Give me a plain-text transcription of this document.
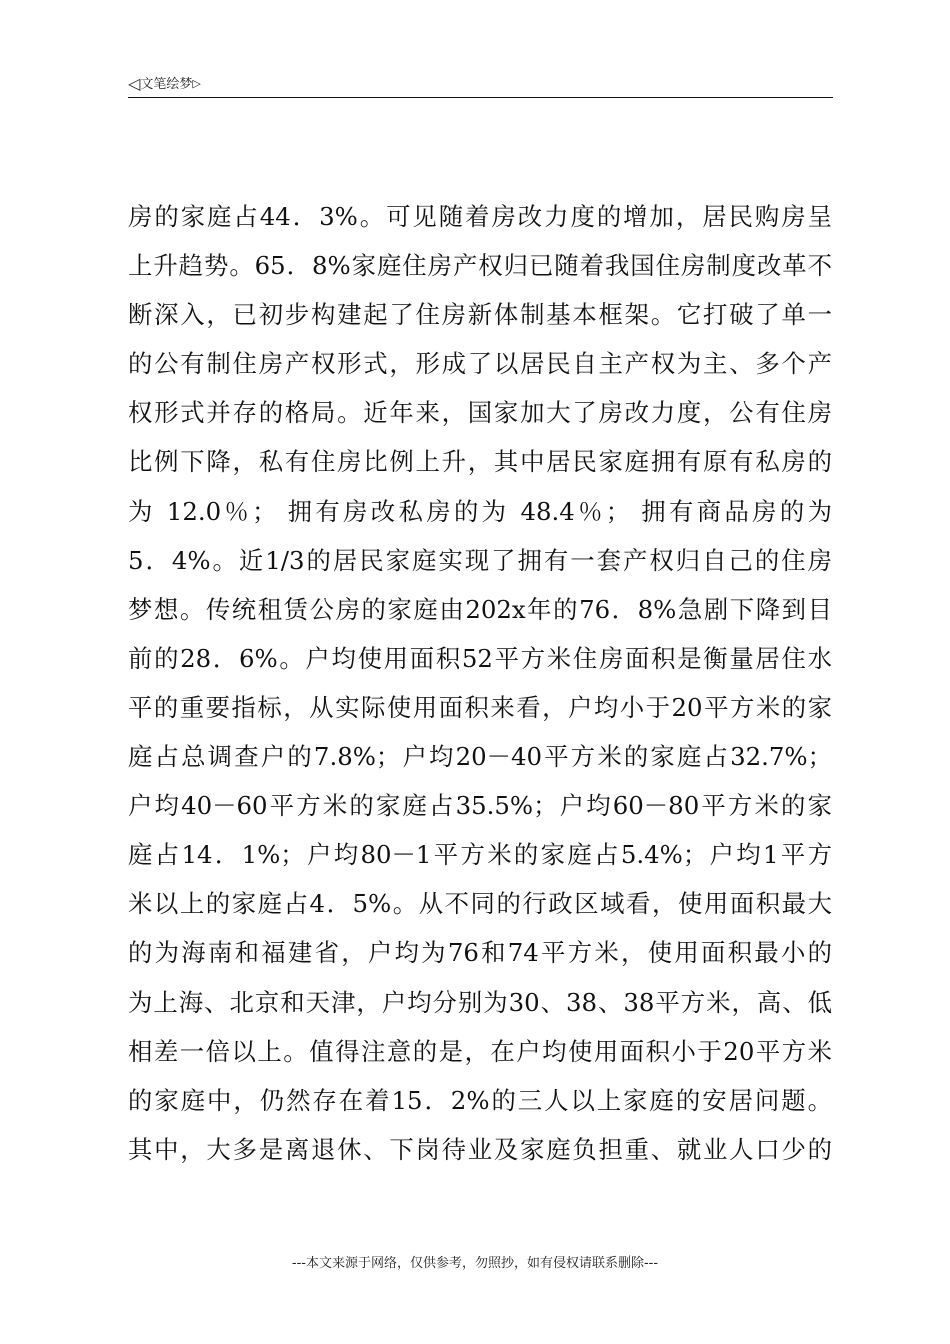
◁文笔绘梦▷
房的家庭占44．3%。可见随着房改力度的增加，居民购房呈
上升趋势。65．8%家庭住房产权归已随着我国住房制度改革不
断深入，已初步构建起了住房新体制基本框架。它打破了单一
的公有制住房产权形式，形成了以居民自主产权为主、多个产
权形式并存的格局。近年来，国家加大了房改力度，公有住房
比例下降，私有住房比例上升，其中居民家庭拥有原有私房的
为 12.0％； 拥有房改私房的为 48.4％； 拥有商品房的为
5．4%。近1/3的居民家庭实现了拥有一套产权归自己的住房
梦想。传统租赁公房的家庭由202x年的76．8%急剧下降到目
前的28．6%。户均使用面积52平方米住房面积是衡量居住水
平的重要指标，从实际使用面积来看，户均小于20平方米的家
庭占总调查户的7.8%；户均20－40平方米的家庭占32.7%；
户均40－60平方米的家庭占35.5%；户均60－80平方米的家
庭占14．1%；户均80－1平方米的家庭占5.4%；户均1平方
米以上的家庭占4．5%。从不同的行政区域看，使用面积最大
的为海南和福建省，户均为76和74平方米，使用面积最小的
为上海、北京和天津，户均分别为30、38、38平方米，高、低
相差一倍以上。值得注意的是，在户均使用面积小于20平方米
的家庭中，仍然存在着15．2%的三人以上家庭的安居问题。
其中，大多是离退休、下岗待业及家庭负担重、就业人口少的
---本文来源于网络，仅供参考，勿照抄，如有侵权请联系删除---
